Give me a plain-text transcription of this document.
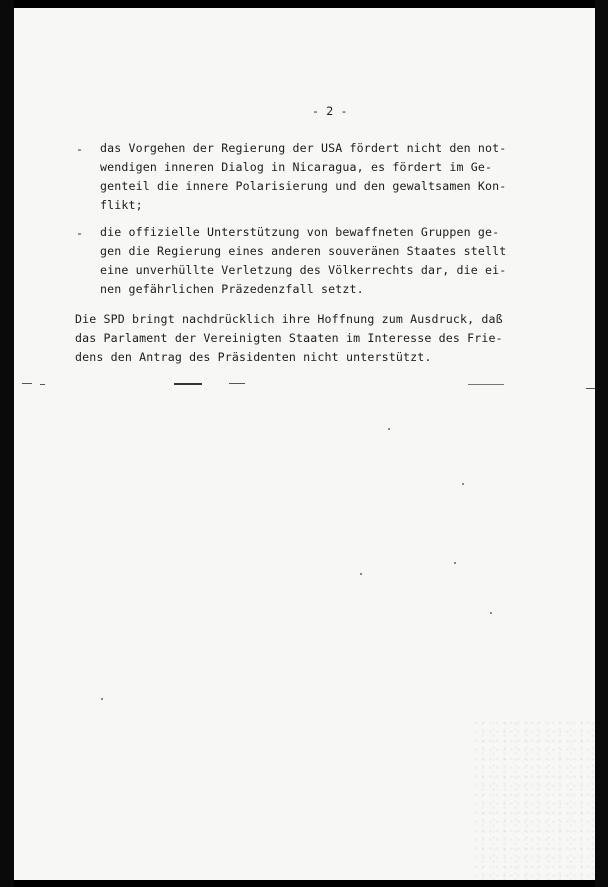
- 2 -
- das Vorgehen der Regierung der USA fördert nicht den not-
wendigen inneren Dialog in Nicaragua, es fördert im Ge-
genteil die innere Polarisierung und den gewaltsamen Kon-
flikt;
- die offizielle Unterstützung von bewaffneten Gruppen ge-
gen die Regierung eines anderen souveränen Staates stellt
eine unverhüllte Verletzung des Völkerrechts dar, die ei-
nen gefährlichen Präzedenzfall setzt.
Die SPD bringt nachdrücklich ihre Hoffnung zum Ausdruck, daß
das Parlament der Vereinigten Staaten im Interesse des Frie-
dens den Antrag des Präsidenten nicht unterstützt.
